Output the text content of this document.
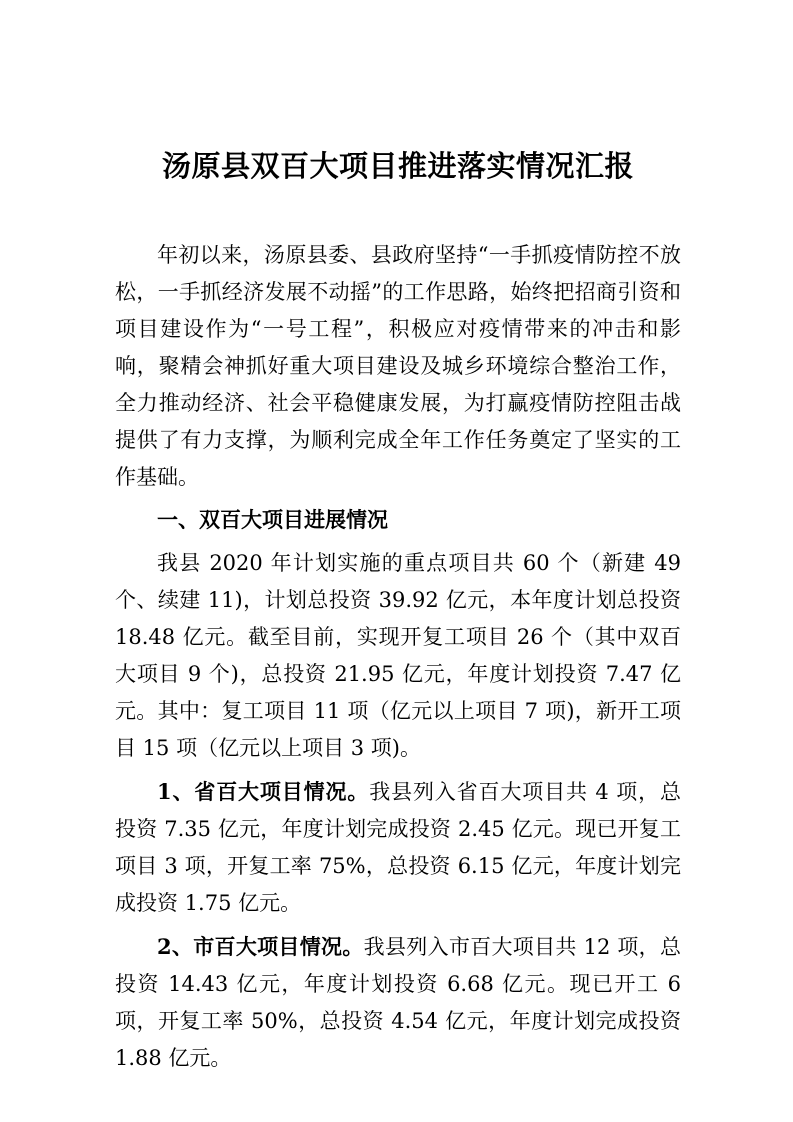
汤原县双百大项目推进落实情况汇报

年初以来，汤原县委、县政府坚持“一手抓疫情防控不放松，一手抓经济发展不动摇”的工作思路，始终把招商引资和项目建设作为“一号工程”，积极应对疫情带来的冲击和影响，聚精会神抓好重大项目建设及城乡环境综合整治工作，全力推动经济、社会平稳健康发展，为打赢疫情防控阻击战提供了有力支撑，为顺利完成全年工作任务奠定了坚实的工作基础。

一、双百大项目进展情况

我县 2020 年计划实施的重点项目共 60 个（新建 49 个、续建 11)，计划总投资 39.92 亿元，本年度计划总投资 18.48 亿元。截至目前，实现开复工项目 26 个（其中双百大项目 9 个)，总投资 21.95 亿元，年度计划投资 7.47 亿元。其中：复工项目 11 项（亿元以上项目 7 项)，新开工项目 15 项（亿元以上项目 3 项)。

1、省百大项目情况。我县列入省百大项目共 4 项，总投资 7.35 亿元，年度计划完成投资 2.45 亿元。现已开复工项目 3 项，开复工率 75%，总投资 6.15 亿元，年度计划完成投资 1.75 亿元。

2、市百大项目情况。我县列入市百大项目共 12 项，总投资 14.43 亿元，年度计划投资 6.68 亿元。现已开工 6 项，开复工率 50%，总投资 4.54 亿元，年度计划完成投资 1.88 亿元。
